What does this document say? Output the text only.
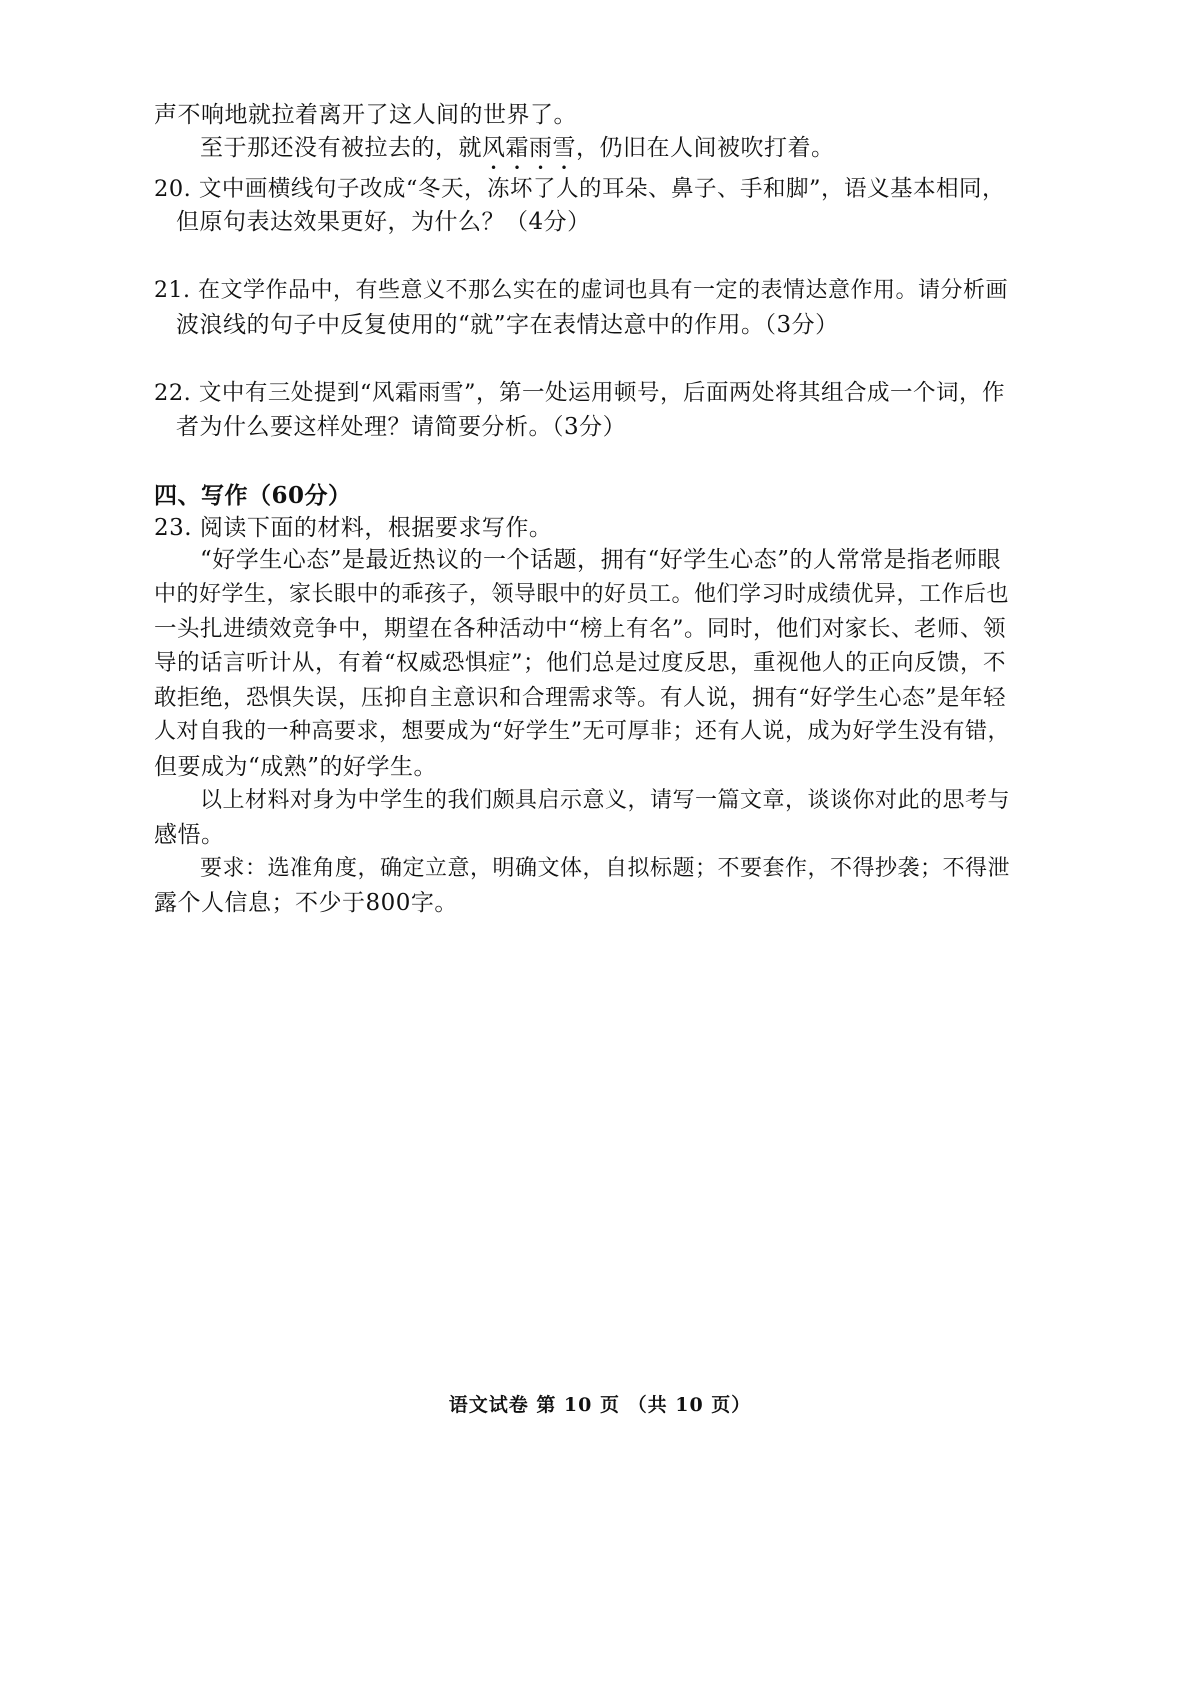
声不响地就拉着离开了这人间的世界了。
至于那还没有被拉去的，就风霜雨雪，仍旧在人间被吹打着。
20. 文中画横线句子改成“冬天，冻坏了人的耳朵、鼻子、手和脚”，语义基本相同，
但原句表达效果更好，为什么？（4分）
21. 在文学作品中，有些意义不那么实在的虚词也具有一定的表情达意作用。请分析画
波浪线的句子中反复使用的“就”字在表情达意中的作用。（3分）
22. 文中有三处提到“风霜雨雪”，第一处运用顿号，后面两处将其组合成一个词，作
者为什么要这样处理？请简要分析。（3分）
四、写作（60分）
23. 阅读下面的材料，根据要求写作。
“好学生心态”是最近热议的一个话题，拥有“好学生心态”的人常常是指老师眼
中的好学生，家长眼中的乖孩子，领导眼中的好员工。他们学习时成绩优异，工作后也
一头扎进绩效竞争中，期望在各种活动中“榜上有名”。同时，他们对家长、老师、领
导的话言听计从，有着“权威恐惧症”；他们总是过度反思，重视他人的正向反馈，不
敢拒绝，恐惧失误，压抑自主意识和合理需求等。有人说，拥有“好学生心态”是年轻
人对自我的一种高要求，想要成为“好学生”无可厚非；还有人说，成为好学生没有错，
但要成为“成熟”的好学生。
以上材料对身为中学生的我们颇具启示意义，请写一篇文章，谈谈你对此的思考与
感悟。
要求：选准角度，确定立意，明确文体，自拟标题；不要套作，不得抄袭；不得泄
露个人信息；不少于800字。
语文试卷 第 10 页 （共 10 页）
